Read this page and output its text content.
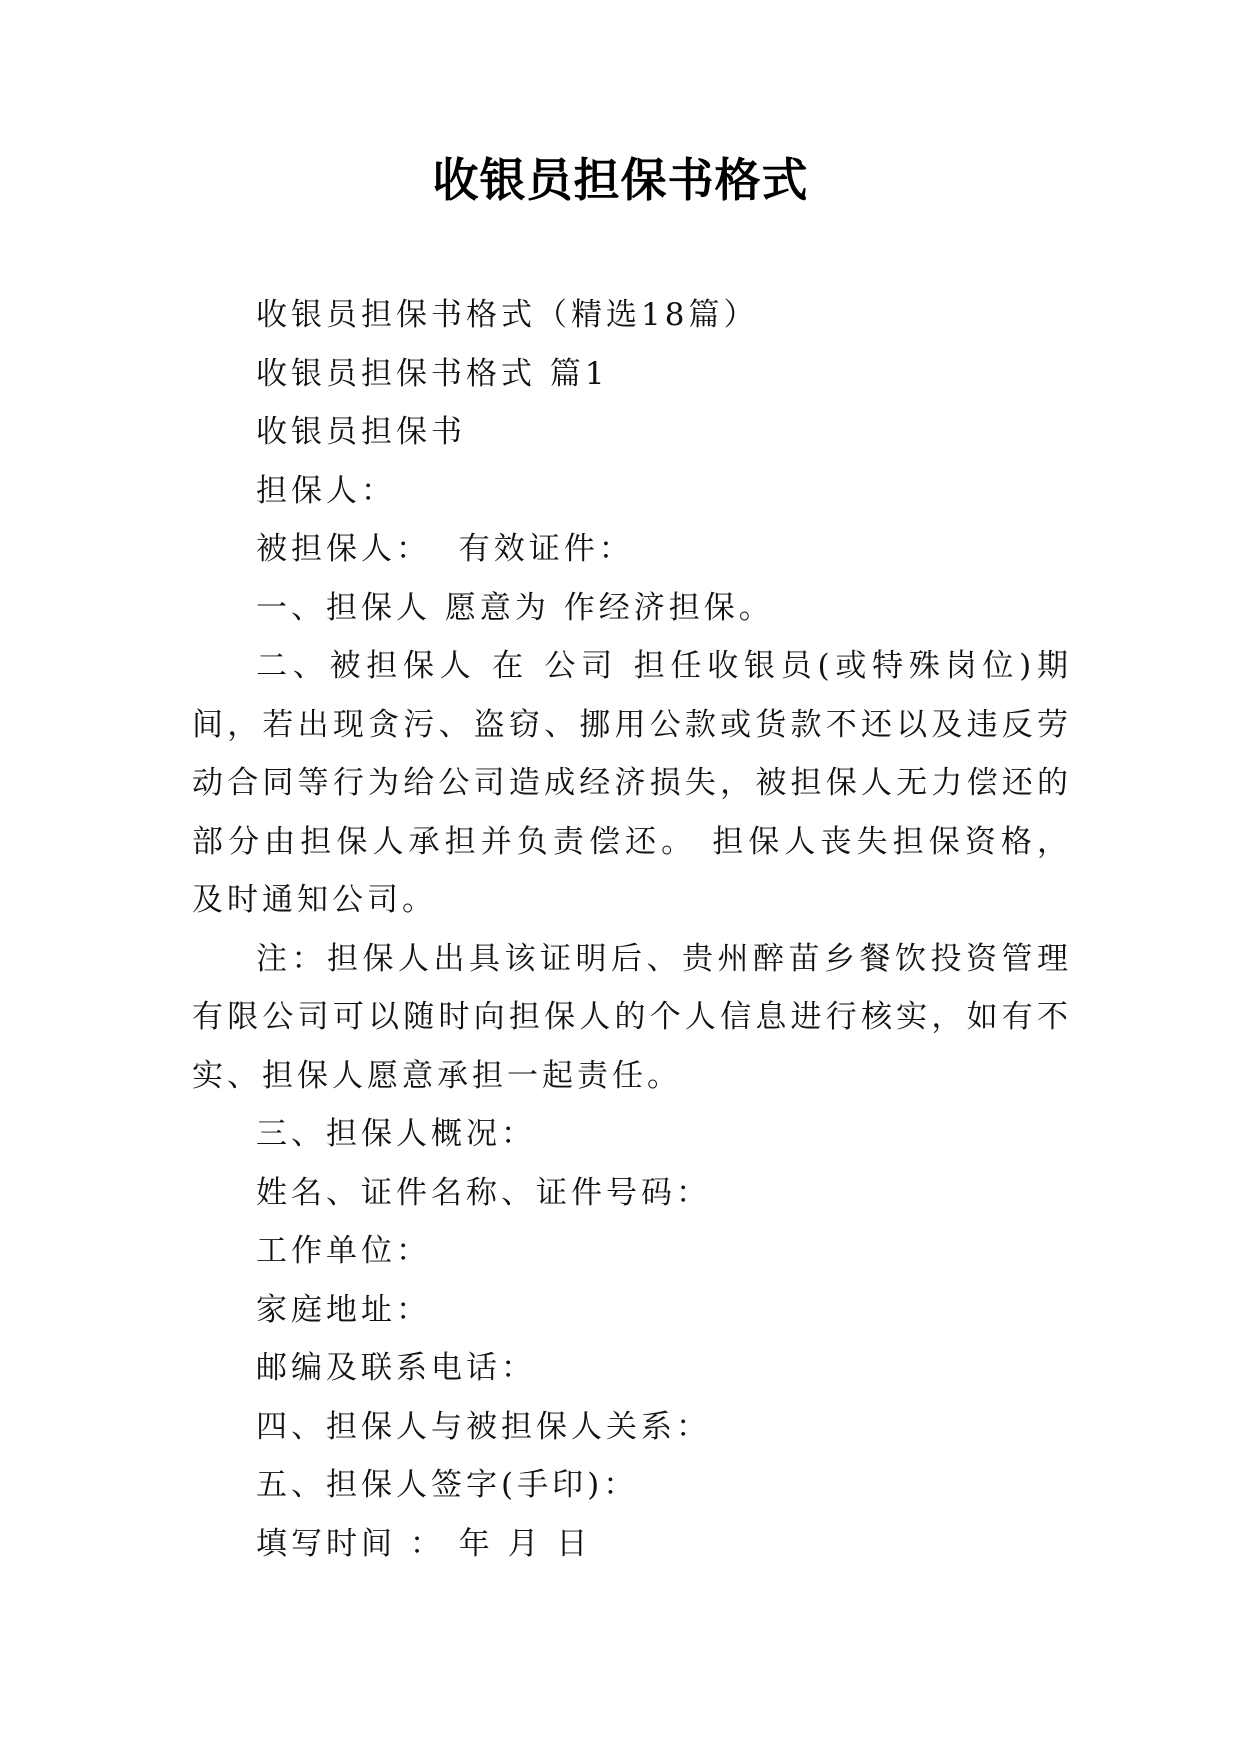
收银员担保书格式

收银员担保书格式（精选18篇）

收银员担保书格式 篇1

收银员担保书

担保人：

被担保人：  有效证件：

一、担保人 愿意为 作经济担保。

二、被担保人 在 公司 担任收银员(或特殊岗位)期间，若出现贪污、盗窃、挪用公款或货款不还以及违反劳动合同等行为给公司造成经济损失，被担保人无力偿还的部分由担保人承担并负责偿还。 担保人丧失担保资格，及时通知公司。

注：担保人出具该证明后、贵州醉苗乡餐饮投资管理有限公司可以随时向担保人的个人信息进行核实，如有不实、担保人愿意承担一起责任。

三、担保人概况：

姓名、证件名称、证件号码：

工作单位：

家庭地址：

邮编及联系电话：

四、担保人与被担保人关系：

五、担保人签字(手印)：

填写时间 ： 年 月 日
